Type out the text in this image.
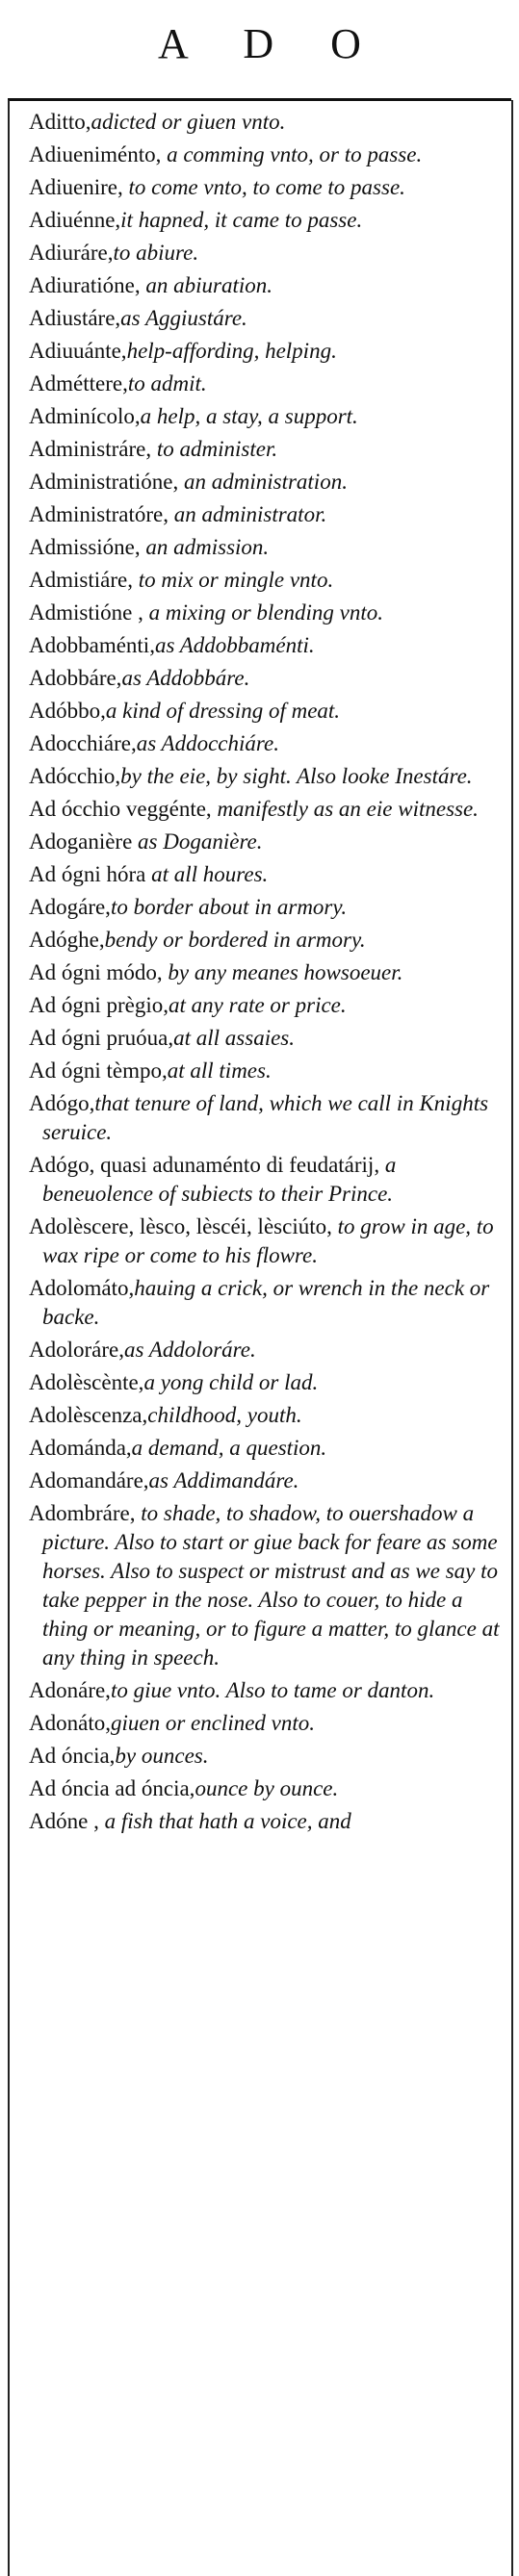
A D O
Aditto,adicted or giuen vnto.
Adiueniménto, a comming vnto, or to passe.
Adiuenire, to come vnto, to come to passe.
Adiuénne,it hapned, it came to passe.
Adiuráre,to abiure.
Adiuratióne, an abiuration.
Adiustáre,as Aggiustáre.
Adiuuánte,help-affording, helping.
Adméttere,to admit.
Adminícolo,a help, a stay, a support.
Administráre, to administer.
Administratióne, an administration.
Administratóre, an administrator.
Admissióne, an admission.
Admistiáre, to mix or mingle vnto.
Admistióne , a mixing or blending vnto.
Adobbaménti,as Addobbaménti.
Adobbáre,as Addobbáre.
Adóbbo,a kind of dressing of meat.
Adocchiáre,as Addocchiáre.
Adócchio,by the eie, by sight. Also looke Inestáre.
Ad ócchio veggénte, manifestly as an eie witnesse.
Adoganière as Doganière.
Ad ógni hóra at all houres.
Adogáre,to border about in armory.
Adóghe,bendy or bordered in armory.
Ad ógni módo, by any meanes howsoeuer.
Ad ógni prègio,at any rate or price.
Ad ógni pruóua,at all assaies.
Ad ógni tèmpo,at all times.
Adógo,that tenure of land, which we call in Knights seruice.
Adógo, quasi adunaménto di feudatárij, a beneuolence of subiects to their Prince.
Adolèscere, lèsco, lèscéi, lèsciúto, to grow in age, to wax ripe or come to his flowre.
Adolomáto,hauing a crick, or wrench in the neck or backe.
Adoloráre,as Addoloráre.
Adolèscènte,a yong child or lad.
Adolèscenza,childhood, youth.
Adománda,a demand, a question.
Adomandáre,as Addimandáre.
Adombráre, to shade, to shadow, to ouershadow a picture. Also to start or giue back for feare as some horses. Also to suspect or mistrust and as we say to take pepper in the nose. Also to couer, to hide a thing or meaning, or to figure a matter, to glance at any thing in speech.
Adonáre,to giue vnto. Also to tame or danton.
Adonáto,giuen or enclined vnto.
Ad óncia,by ounces.
Ad óncia ad óncia,ounce by ounce.
Adóne , a fish that hath a voice, and
